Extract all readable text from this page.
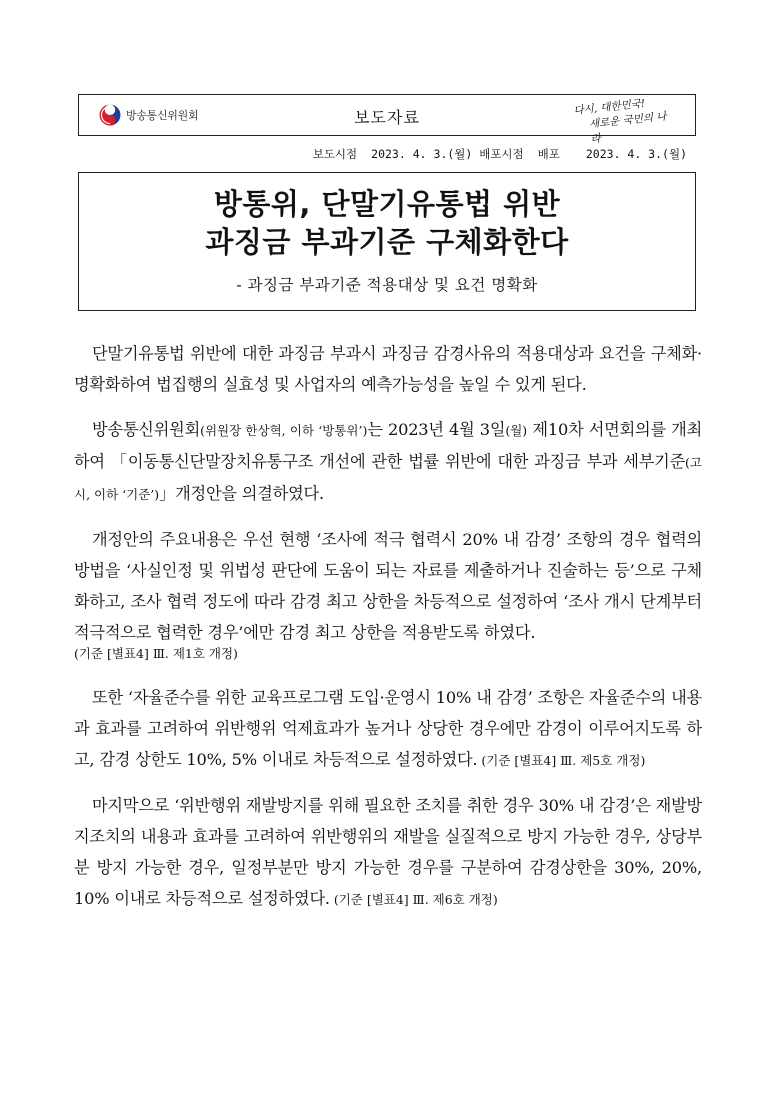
방송통신위원회	보도자료
다시, 대한민국!
새로운 국민의 나라
보도시점 2023. 4. 3.(월) 배포시점 배포 2023. 4. 3.(월)
방통위, 단말기유통법 위반
과징금 부과기준 구체화한다
- 과징금 부과기준 적용대상 및 요건 명확화

단말기유통법 위반에 대한 과징금 부과시 과징금 감경사유의 적용대상과 요건을 구체화·명확화하여 법집행의 실효성 및 사업자의 예측가능성을 높일 수 있게 된다.

방송통신위원회(위원장 한상혁, 이하 ‘방통위’)는 2023년 4월 3일(월) 제10차 서면회의를 개최하여 「이동통신단말장치유통구조 개선에 관한 법률 위반에 대한 과징금 부과 세부기준(고시, 이하 ‘기준’)」개정안을 의결하였다.

개정안의 주요내용은 우선 현행 ‘조사에 적극 협력시 20% 내 감경’ 조항의 경우 협력의 방법을 ‘사실인정 및 위법성 판단에 도움이 되는 자료를 제출하거나 진술하는 등’으로 구체화하고, 조사 협력 정도에 따라 감경 최고 상한을 차등적으로 설정하여 ‘조사 개시 단계부터 적극적으로 협력한 경우’에만 감경 최고 상한을 적용받도록 하였다.

(기준 [별표4] Ⅲ. 제1호 개정)

또한 ‘자율준수를 위한 교육프로그램 도입·운영시 10% 내 감경’ 조항은 자율준수의 내용과 효과를 고려하여 위반행위 억제효과가 높거나 상당한 경우에만 감경이 이루어지도록 하고, 감경 상한도 10%, 5% 이내로 차등적으로 설정하였다. (기준 [별표4] Ⅲ. 제5호 개정)

마지막으로 ‘위반행위 재발방지를 위해 필요한 조치를 취한 경우 30% 내 감경’은 재발방지조치의 내용과 효과를 고려하여 위반행위의 재발을 실질적으로 방지 가능한 경우, 상당부분 방지 가능한 경우, 일정부분만 방지 가능한 경우를 구분하여 감경상한을 30%, 20%, 10% 이내로 차등적으로 설정하였다. (기준 [별표4] Ⅲ. 제6호 개정)
